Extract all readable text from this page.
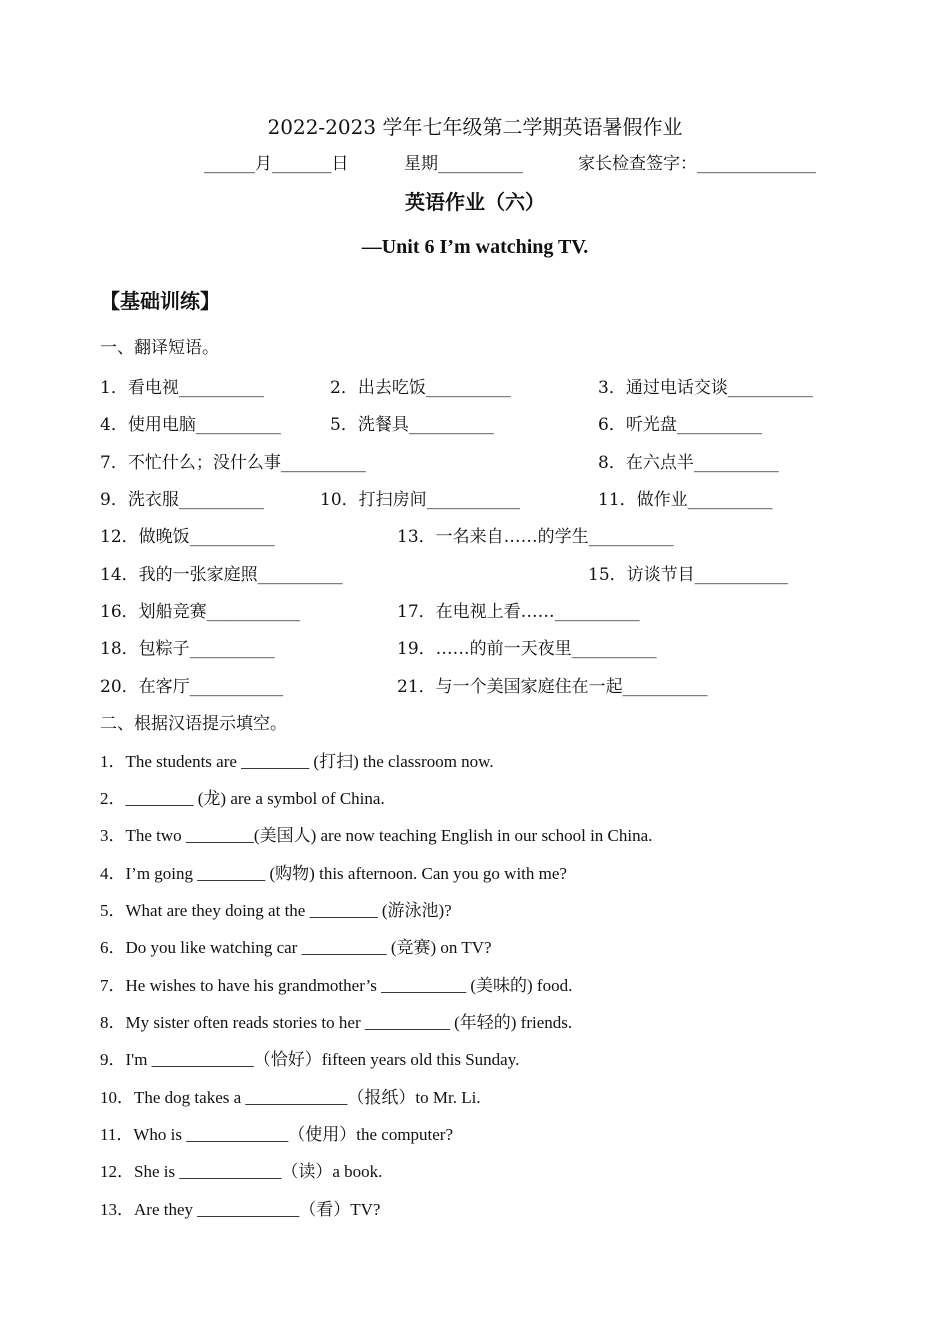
2022-2023 学年七年级第二学期英语暑假作业
______月_______日	星期__________	家长检查签字：______________
英语作业（六）
—Unit 6 I’m watching TV.
【基础训练】
一、翻译短语。
1．看电视__________	2．出去吃饭__________	3．通过电话交谈__________
4．使用电脑__________	5．洗餐具__________	6．听光盘__________
7．不忙什么；没什么事__________	8．在六点半__________
9．洗衣服__________	10．打扫房间___________	11．做作业__________
12．做晚饭__________	13．一名来自……的学生__________
14．我的一张家庭照__________	15．访谈节目___________
16．划船竞赛___________	17．在电视上看……__________
18．包粽子__________	19．……的前一天夜里__________
20．在客厅___________	21．与一个美国家庭住在一起__________
二、根据汉语提示填空。
1．The students are ________ (打扫) the classroom now.
2．________ (龙) are a symbol of China.
3．The two ________(美国人) are now teaching English in our school in China.
4．I’m going ________ (购物) this afternoon. Can you go with me?
5．What are they doing at the ________ (游泳池)?
6．Do you like watching car __________ (竞赛) on TV?
7．He wishes to have his grandmother’s __________ (美味的) food.
8．My sister often reads stories to her __________ (年轻的) friends.
9．I'm ____________（恰好）fifteen years old this Sunday.
10．The dog takes a ____________（报纸）to Mr. Li.
11．Who is ____________（使用）the computer?
12．She is ____________（读）a book.
13．Are they ____________（看）TV?
